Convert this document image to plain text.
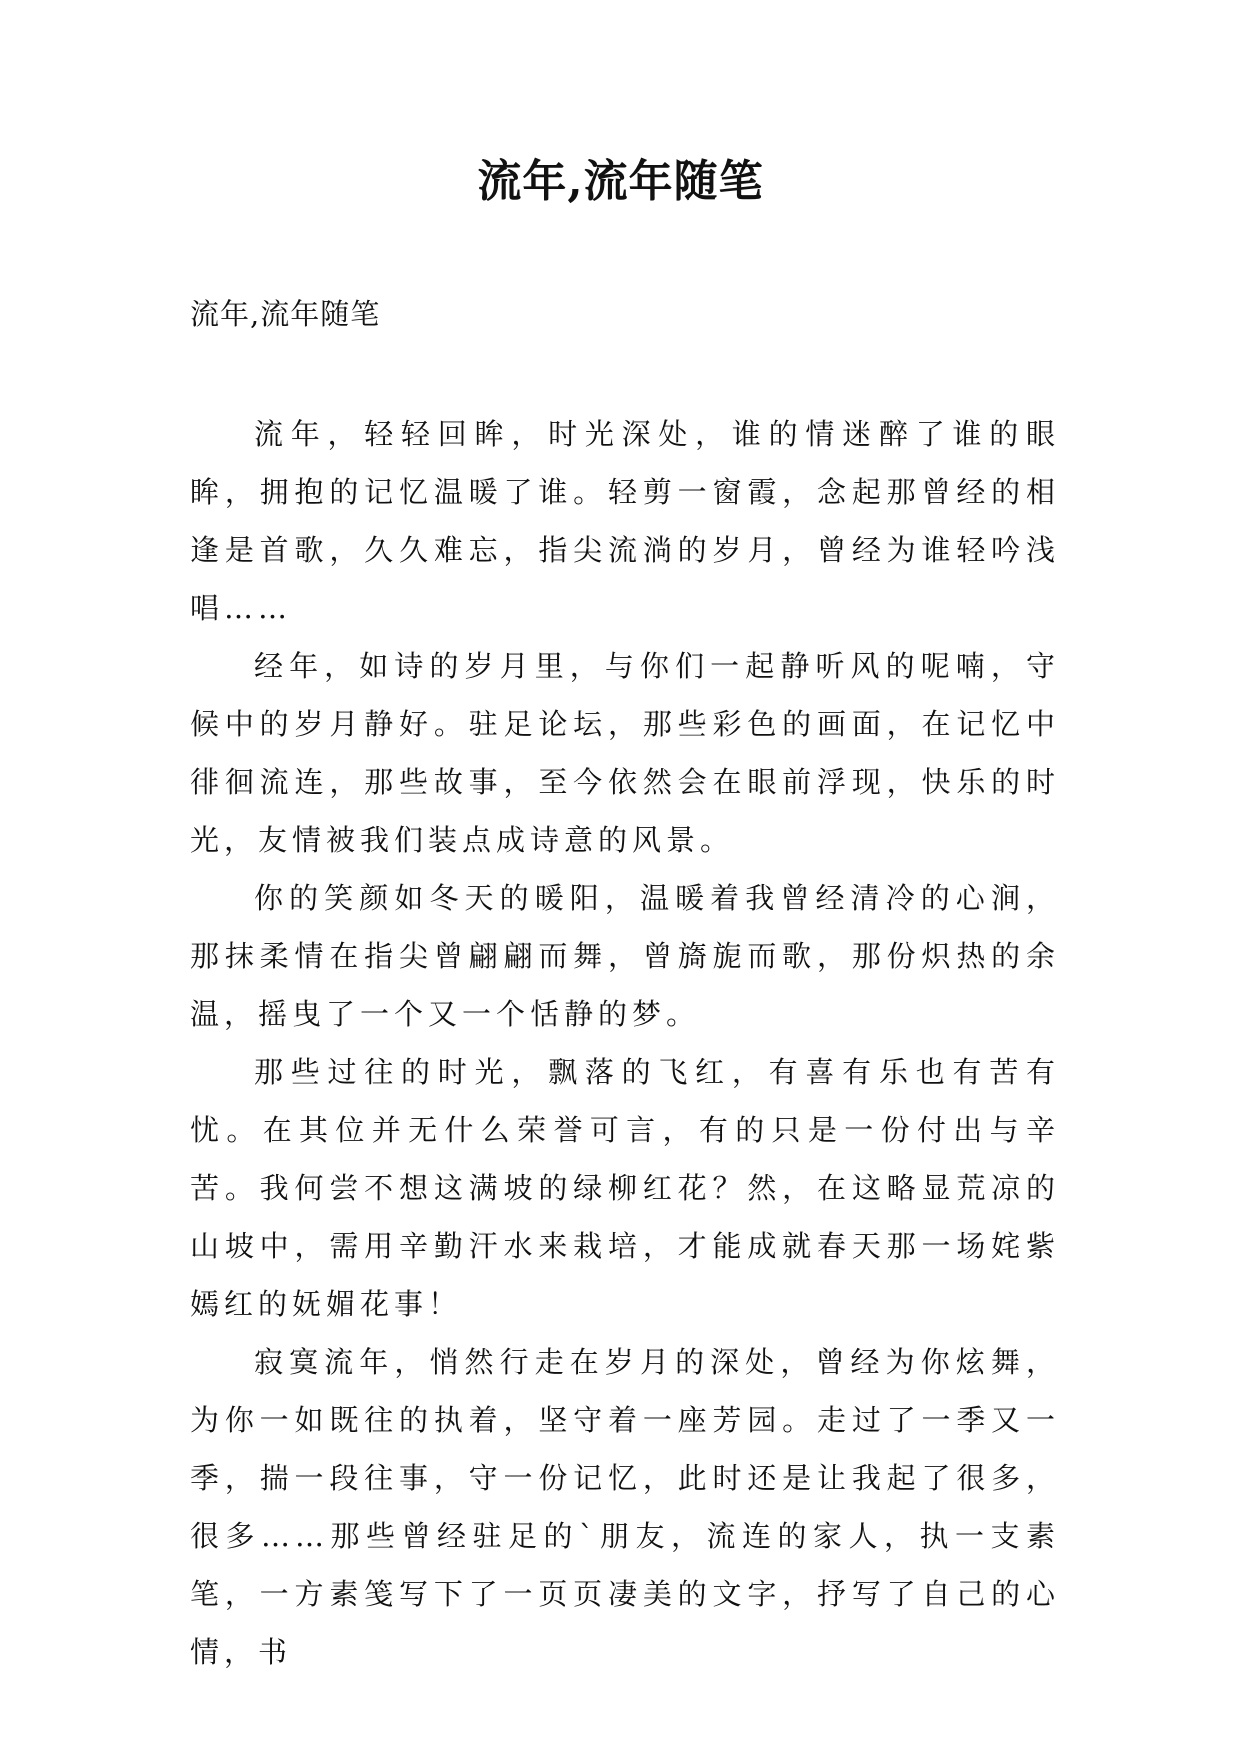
流年,流年随笔
流年,流年随笔

流年，轻轻回眸，时光深处，谁的情迷醉了谁的眼眸，拥抱的记忆温暖了谁。轻剪一窗霞，念起那曾经的相逢是首歌，久久难忘，指尖流淌的岁月，曾经为谁轻吟浅唱……

经年，如诗的岁月里，与你们一起静听风的呢喃，守候中的岁月静好。驻足论坛，那些彩色的画面，在记忆中徘徊流连，那些故事，至今依然会在眼前浮现，快乐的时光，友情被我们装点成诗意的风景。

你的笑颜如冬天的暖阳，温暖着我曾经清冷的心涧，那抹柔情在指尖曾翩翩而舞，曾旖旎而歌，那份炽热的余温，摇曳了一个又一个恬静的梦。

那些过往的时光，飘落的飞红，有喜有乐也有苦有忧。在其位并无什么荣誉可言，有的只是一份付出与辛苦。我何尝不想这满坡的绿柳红花？然，在这略显荒凉的山坡中，需用辛勤汗水来栽培，才能成就春天那一场姹紫嫣红的妩媚花事！

寂寞流年，悄然行走在岁月的深处，曾经为你炫舞，为你一如既往的执着，坚守着一座芳园。走过了一季又一季，揣一段往事，守一份记忆，此时还是让我起了很多，很多……那些曾经驻足的`朋友，流连的家人，执一支素笔，一方素笺写下了一页页凄美的文字，抒写了自己的心情，书
